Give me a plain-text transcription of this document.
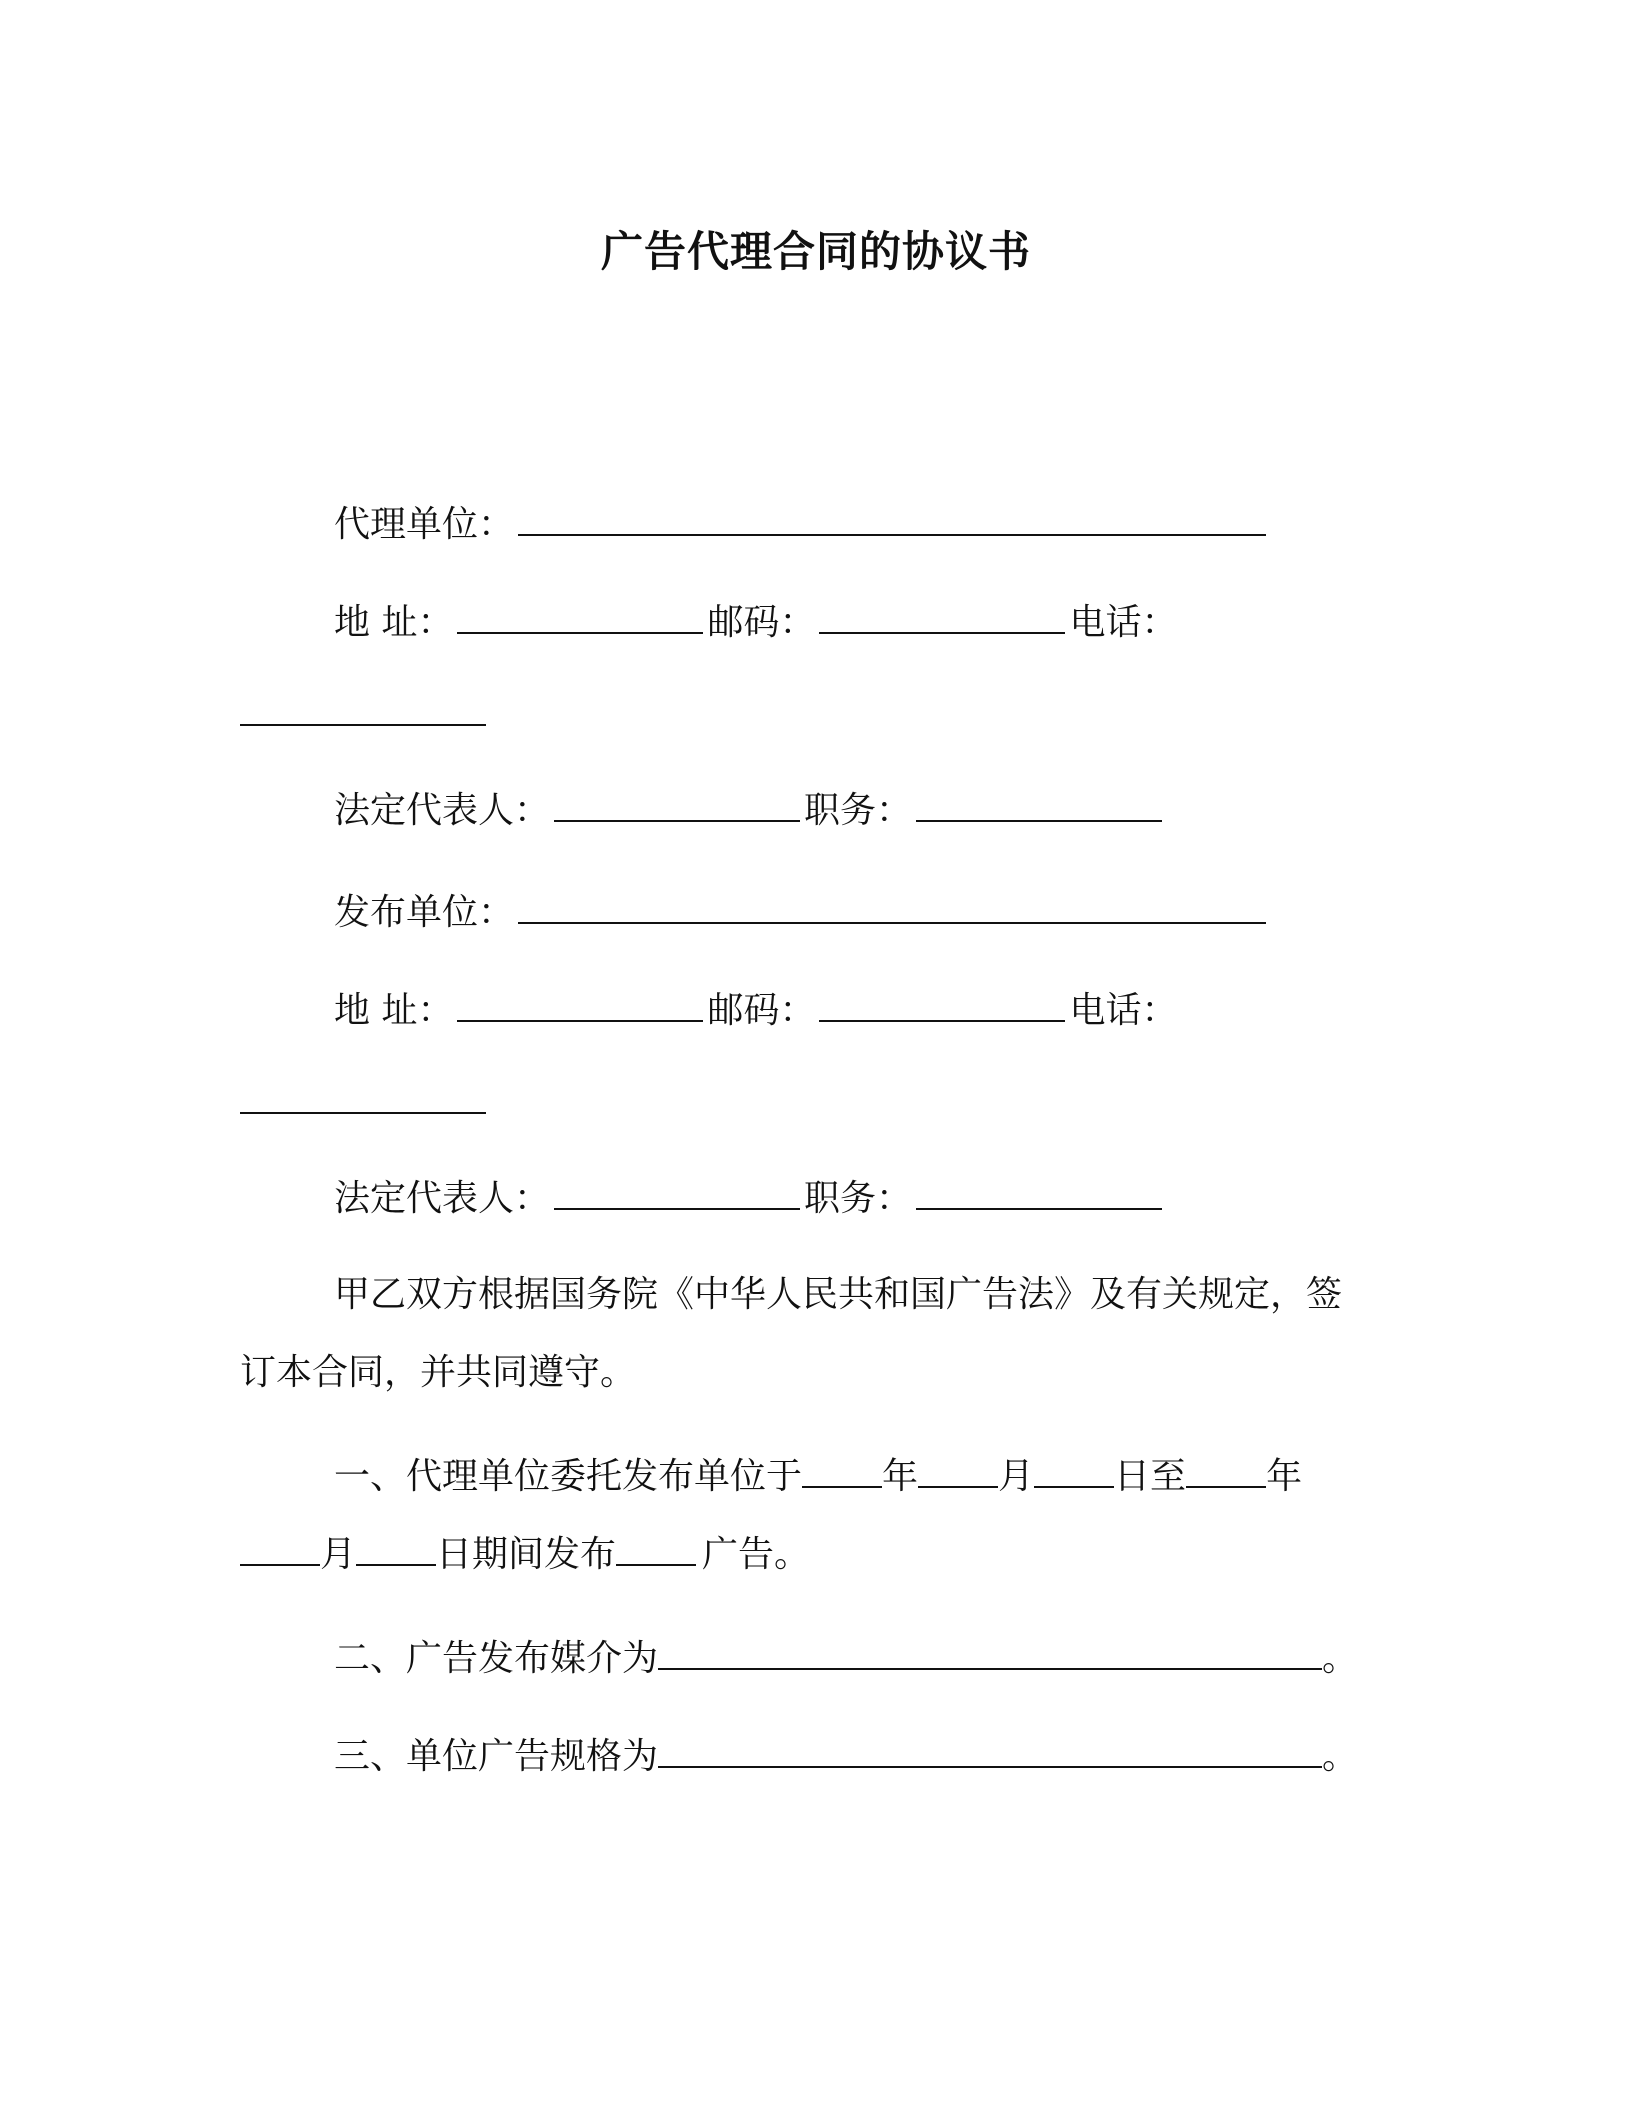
广告代理合同的协议书
代理单位：
地 址：	邮码：	电话：
法定代表人：	职务：
发布单位：
地 址：	邮码：	电话：
法定代表人：	职务：
甲乙双方根据国务院《中华人民共和国广告法》及有关规定，签
订本合同，并共同遵守。
一、代理单位委托发布单位于 年 月 日至 年
月 日期间发布 广告。
二、广告发布媒介为	。
三、单位广告规格为	。
